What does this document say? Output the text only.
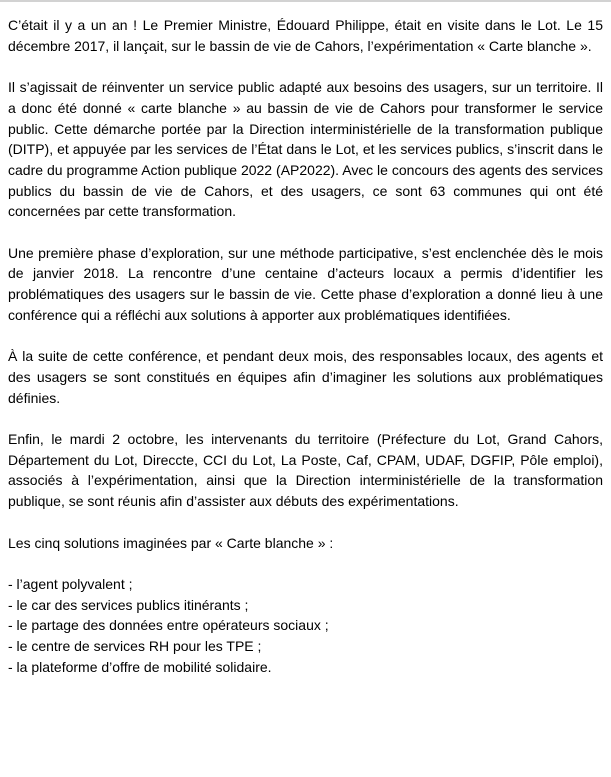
C’était il y a un an ! Le Premier Ministre, Édouard Philippe, était en visite dans le Lot. Le 15 décembre 2017, il lançait, sur le bassin de vie de Cahors, l’expérimentation « Carte blanche ».

Il s’agissait de réinventer un service public adapté aux besoins des usagers, sur un territoire. Il a donc été donné « carte blanche » au bassin de vie de Cahors pour transformer le service public. Cette démarche portée par la Direction interministérielle de la transformation publique (DITP), et appuyée par les services de l’État dans le Lot, et les services publics, s’inscrit dans le cadre du programme Action publique 2022 (AP2022). Avec le concours des agents des services publics du bassin de vie de Cahors, et des usagers, ce sont 63 communes qui ont été concernées par cette transformation.

Une première phase d’exploration, sur une méthode participative, s’est enclenchée dès le mois de janvier 2018. La rencontre d’une centaine d’acteurs locaux a permis d’identifier les problématiques des usagers sur le bassin de vie. Cette phase d’exploration a donné lieu à une conférence qui a réfléchi aux solutions à apporter aux problématiques identifiées.

À la suite de cette conférence, et pendant deux mois, des responsables locaux, des agents et des usagers se sont constitués en équipes afin d’imaginer les solutions aux problématiques définies.

Enfin, le mardi 2 octobre, les intervenants du territoire (Préfecture du Lot, Grand Cahors, Département du Lot, Direccte, CCI du Lot, La Poste, Caf, CPAM, UDAF, DGFIP, Pôle emploi), associés à l’expérimentation, ainsi que la Direction interministérielle de la transformation publique, se sont réunis afin d’assister aux débuts des expérimentations.

Les cinq solutions imaginées par « Carte blanche » :

- l’agent polyvalent ;

- le car des services publics itinérants ;

- le partage des données entre opérateurs sociaux ;

- le centre de services RH pour les TPE ;

- la plateforme d’offre de mobilité solidaire.
